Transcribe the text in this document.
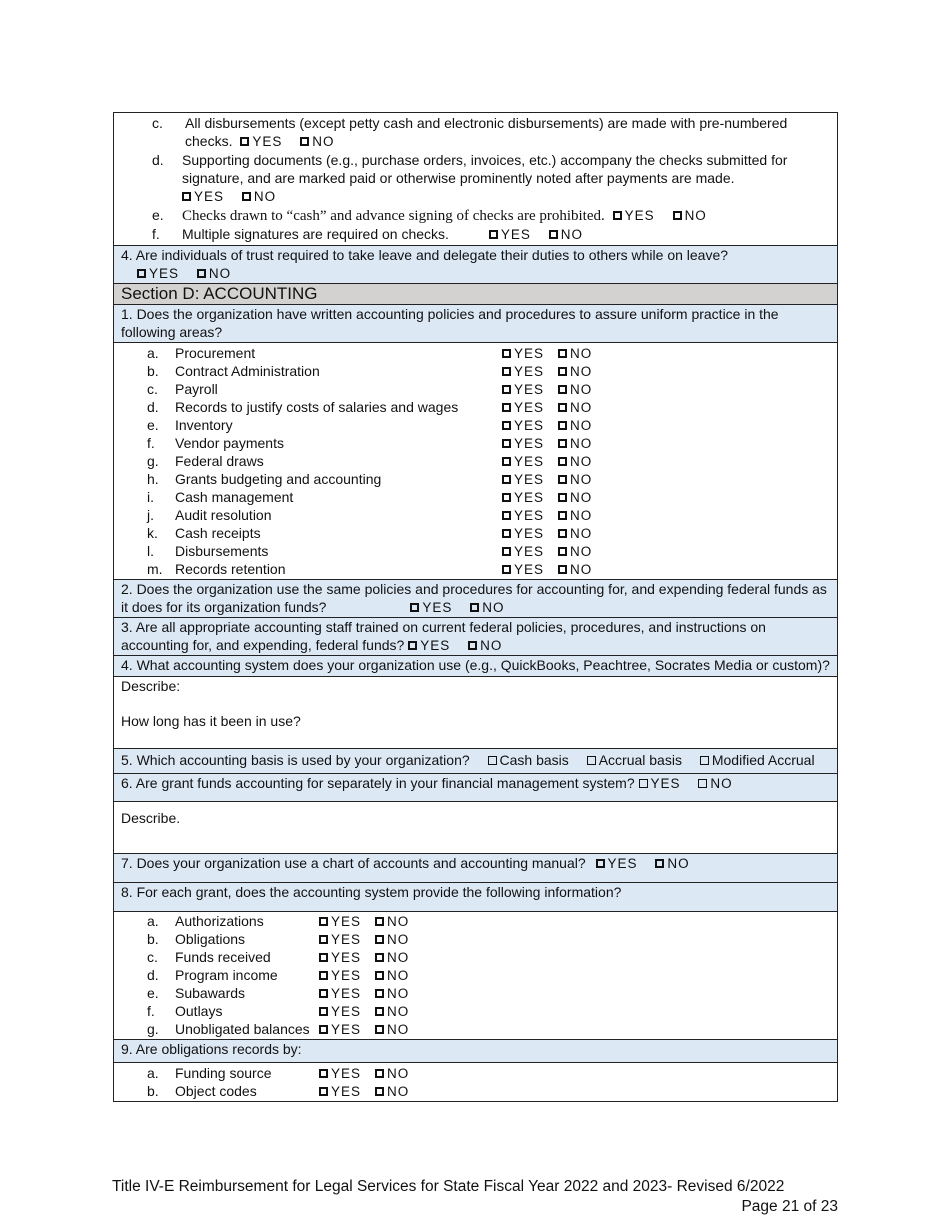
c.	All disbursements (except petty cash and electronic disbursements) are made with pre-numbered checks. YES NO
d.	Supporting documents (e.g., purchase orders, invoices, etc.) accompany the checks submitted for signature, and are marked paid or otherwise prominently noted after payments are made.
YES NO
e.	Checks drawn to “cash” and advance signing of checks are prohibited. YES NO
f.	Multiple signatures are required on checks.	YES NO
4. Are individuals of trust required to take leave and delegate their duties to others while on leave?
YES NO
Section D: ACCOUNTING
1. Does the organization have written accounting policies and procedures to assure uniform practice in the following areas?
a.	Procurement	YES NO
b.	Contract Administration	YES NO
c.	Payroll	YES NO
d.	Records to justify costs of salaries and wages	YES NO
e.	Inventory	YES NO
f.	Vendor payments	YES NO
g.	Federal draws	YES NO
h.	Grants budgeting and accounting	YES NO
i.	Cash management	YES NO
j.	Audit resolution	YES NO
k.	Cash receipts	YES NO
l.	Disbursements	YES NO
m. Records retention	YES NO
2. Does the organization use the same policies and procedures for accounting for, and expending federal funds as it does for its organization funds?	YES NO
3. Are all appropriate accounting staff trained on current federal policies, procedures, and instructions on accounting for, and expending, federal funds? YES NO
4. What accounting system does your organization use (e.g., QuickBooks, Peachtree, Socrates Media or custom)?
Describe:
How long has it been in use?
5. Which accounting basis is used by your organization? Cash basis Accrual basis Modified Accrual
6. Are grant funds accounting for separately in your financial management system? YES NO
Describe.
7. Does your organization use a chart of accounts and accounting manual? YES NO
8. For each grant, does the accounting system provide the following information?
a.	Authorizations	YES NO
b.	Obligations	YES NO
c.	Funds received	YES NO
d.	Program income	YES NO
e.	Subawards	YES NO
f.	Outlays	YES NO
g.	Unobligated balances	YES NO
9. Are obligations records by:
a.	Funding source	YES NO
b.	Object codes	YES NO
Title IV-E Reimbursement for Legal Services for State Fiscal Year 2022 and 2023- Revised 6/2022
Page 21 of 23
